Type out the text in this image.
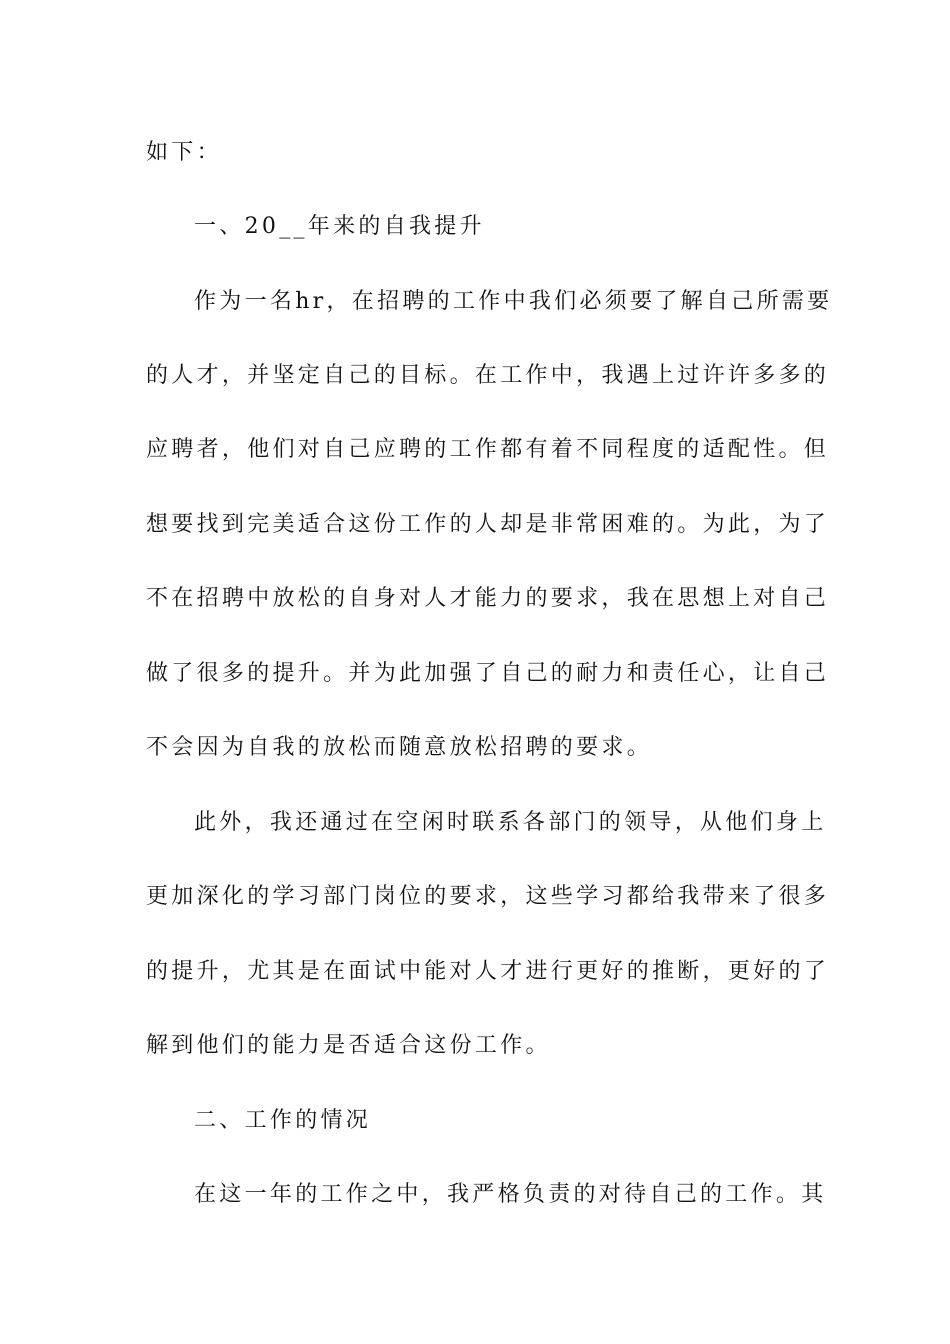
如下：
一、20__年来的自我提升
作为一名hr，在招聘的工作中我们必须要了解自己所需要
的人才，并坚定自己的目标。在工作中，我遇上过许许多多的
应聘者，他们对自己应聘的工作都有着不同程度的适配性。但
想要找到完美适合这份工作的人却是非常困难的。为此，为了
不在招聘中放松的自身对人才能力的要求，我在思想上对自己
做了很多的提升。并为此加强了自己的耐力和责任心，让自己
不会因为自我的放松而随意放松招聘的要求。
此外，我还通过在空闲时联系各部门的领导，从他们身上
更加深化的学习部门岗位的要求，这些学习都给我带来了很多
的提升，尤其是在面试中能对人才进行更好的推断，更好的了
解到他们的能力是否适合这份工作。
二、工作的情况
在这一年的工作之中，我严格负责的对待自己的工作。其
